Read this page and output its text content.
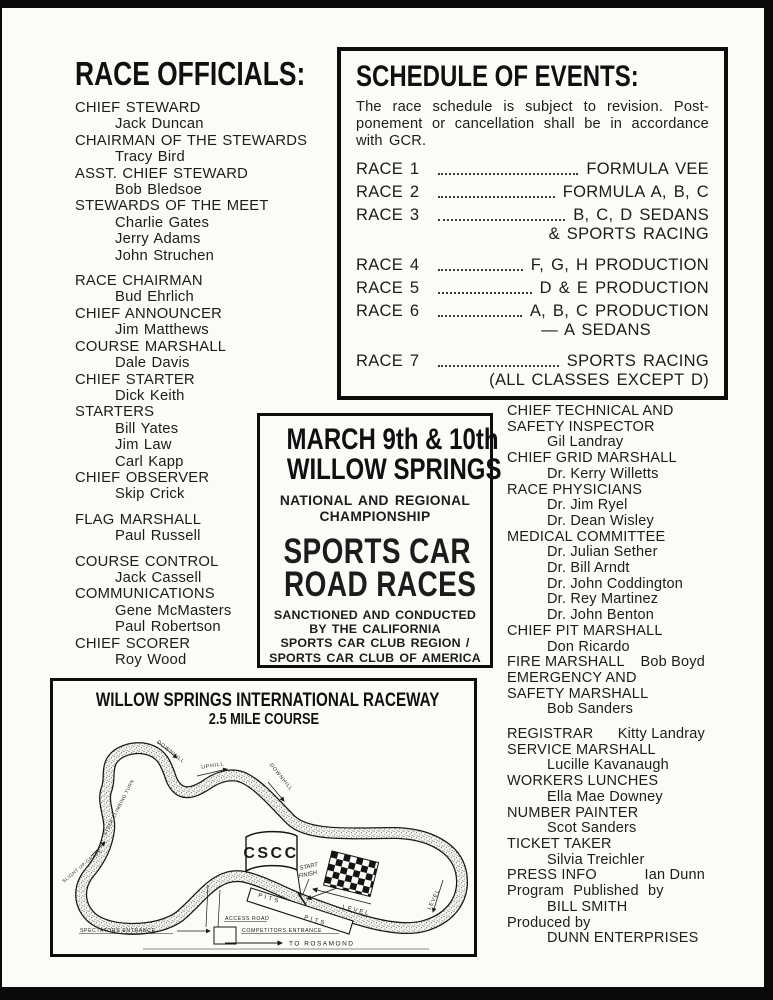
RACE OFFICIALS:
CHIEF STEWARD
Jack Duncan
CHAIRMAN OF THE STEWARDS
Tracy Bird
ASST. CHIEF STEWARD
Bob Bledsoe
STEWARDS OF THE MEET
Charlie Gates
Jerry Adams
John Struchen
RACE CHAIRMAN
Bud Ehrlich
CHIEF ANNOUNCER
Jim Matthews
COURSE MARSHALL
Dale Davis
CHIEF STARTER
Dick Keith
STARTERS
Bill Yates
Jim Law
Carl Kapp
CHIEF OBSERVER
Skip Crick
FLAG MARSHALL
Paul Russell
COURSE CONTROL
Jack Cassell
COMMUNICATIONS
Gene McMasters
Paul Robertson
CHIEF SCORER
Roy Wood
SCHEDULE OF EVENTS:
The race schedule is subject to revision. Post-
ponement or cancellation shall be in accordance
with GCR.
RACE 1	FORMULA VEE
RACE 2	FORMULA A, B, C
RACE 3	B, C, D SEDANS
& SPORTS RACING
RACE 4	F, G, H PRODUCTION
RACE 5	D & E PRODUCTION
RACE 6	A, B, C PRODUCTION
— A SEDANS
RACE 7	SPORTS RACING
(ALL CLASSES EXCEPT D)
MARCH 9th & 10th
WILLOW SPRINGS
NATIONAL AND REGIONAL
CHAMPIONSHIP
SPORTS CAR
ROAD RACES
SANCTIONED AND CONDUCTED
BY THE CALIFORNIA
SPORTS CAR CLUB REGION /
SPORTS CAR CLUB OF AMERICA
CHIEF TECHNICAL AND
SAFETY INSPECTOR
Gil Landray
CHIEF GRID MARSHALL
Dr. Kerry Willetts
RACE PHYSICIANS
Dr. Jim Ryel
Dr. Dean Wisley
MEDICAL COMMITTEE
Dr. Julian Sether
Dr. Bill Arndt
Dr. John Coddington
Dr. Rey Martinez
Dr. John Benton
CHIEF PIT MARSHALL
Don Ricardo
FIRE MARSHALL Bob Boyd
EMERGENCY AND
SAFETY MARSHALL
Bob Sanders
REGISTRAR Kitty Landray
SERVICE MARSHALL
Lucille Kavanaugh
WORKERS LUNCHES
Ella Mae Downey
NUMBER PAINTER
Scot Sanders
TICKET TAKER
Silvia Treichler
PRESS INFO	Ian Dunn
Program Published by
BILL SMITH
Produced by
DUNN ENTERPRISES
WILLOW SPRINGS INTERNATIONAL RACEWAY
2.5 MILE COURSE
DOWNHILL
UPHILL	DOWNHILL
LEVEL
STEEP CLIMBING TURN
SLIGHT UP-GRADE	CSCC
START
FINISH
LEVEL
PITS
PITS
ACCESS ROAD
SPECTATORS ENTRANCE	COMPETITORS ENTRANCE
TO ROSAMOND
